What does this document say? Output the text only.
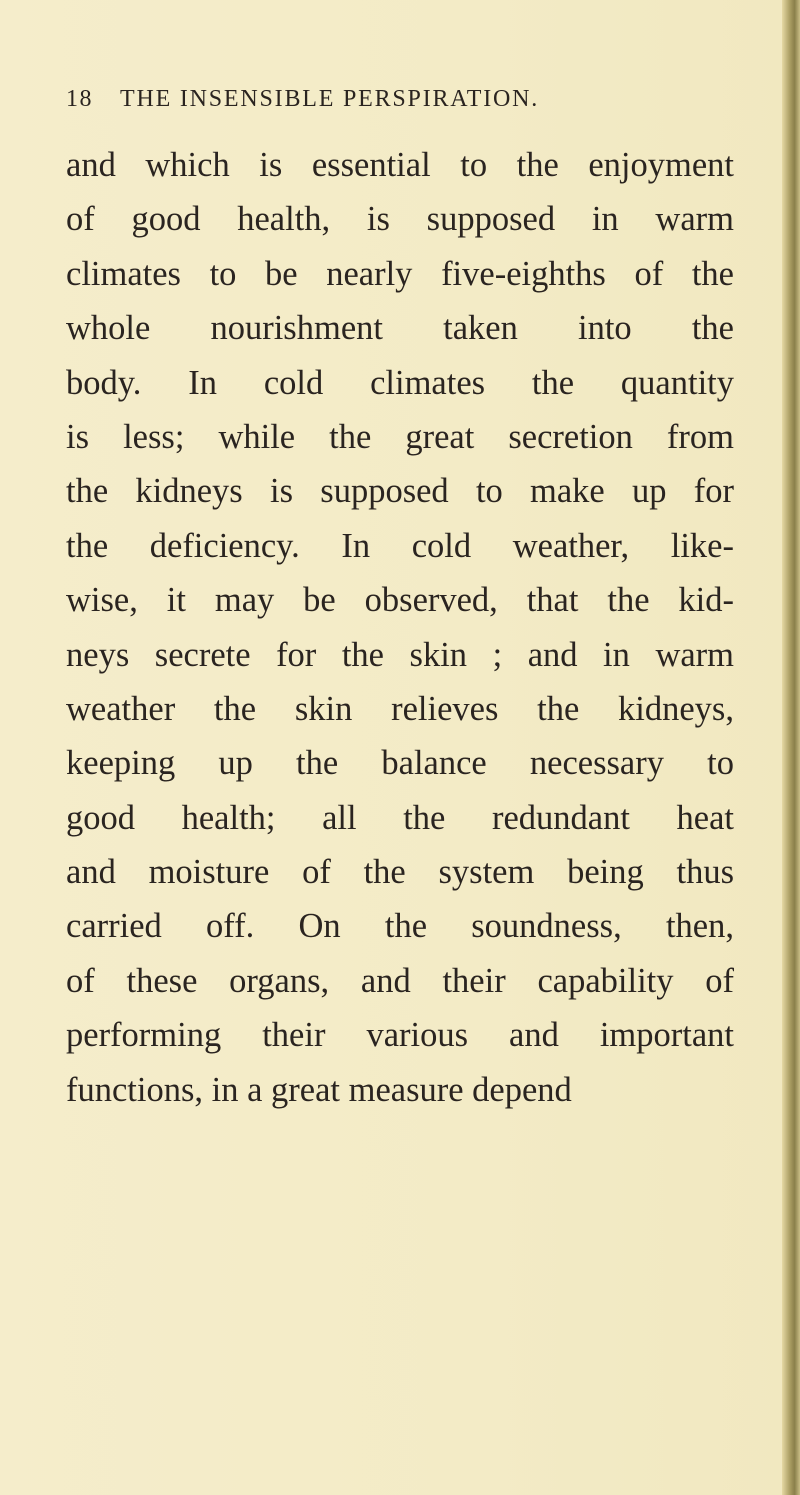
18	THE INSENSIBLE PERSPIRATION.
and which is essential to the enjoyment
of good health, is supposed in warm
climates to be nearly five-eighths of the
whole nourishment taken into the
body. In cold climates the quantity
is less; while the great secretion from
the kidneys is supposed to make up for
the deficiency. In cold weather, like-
wise, it may be observed, that the kid-
neys secrete for the skin ; and in warm
weather the skin relieves the kidneys,
keeping up the balance necessary to
good health; all the redundant heat
and moisture of the system being thus
carried off. On the soundness, then,
of these organs, and their capability of
performing their various and important
functions, in a great measure depend
